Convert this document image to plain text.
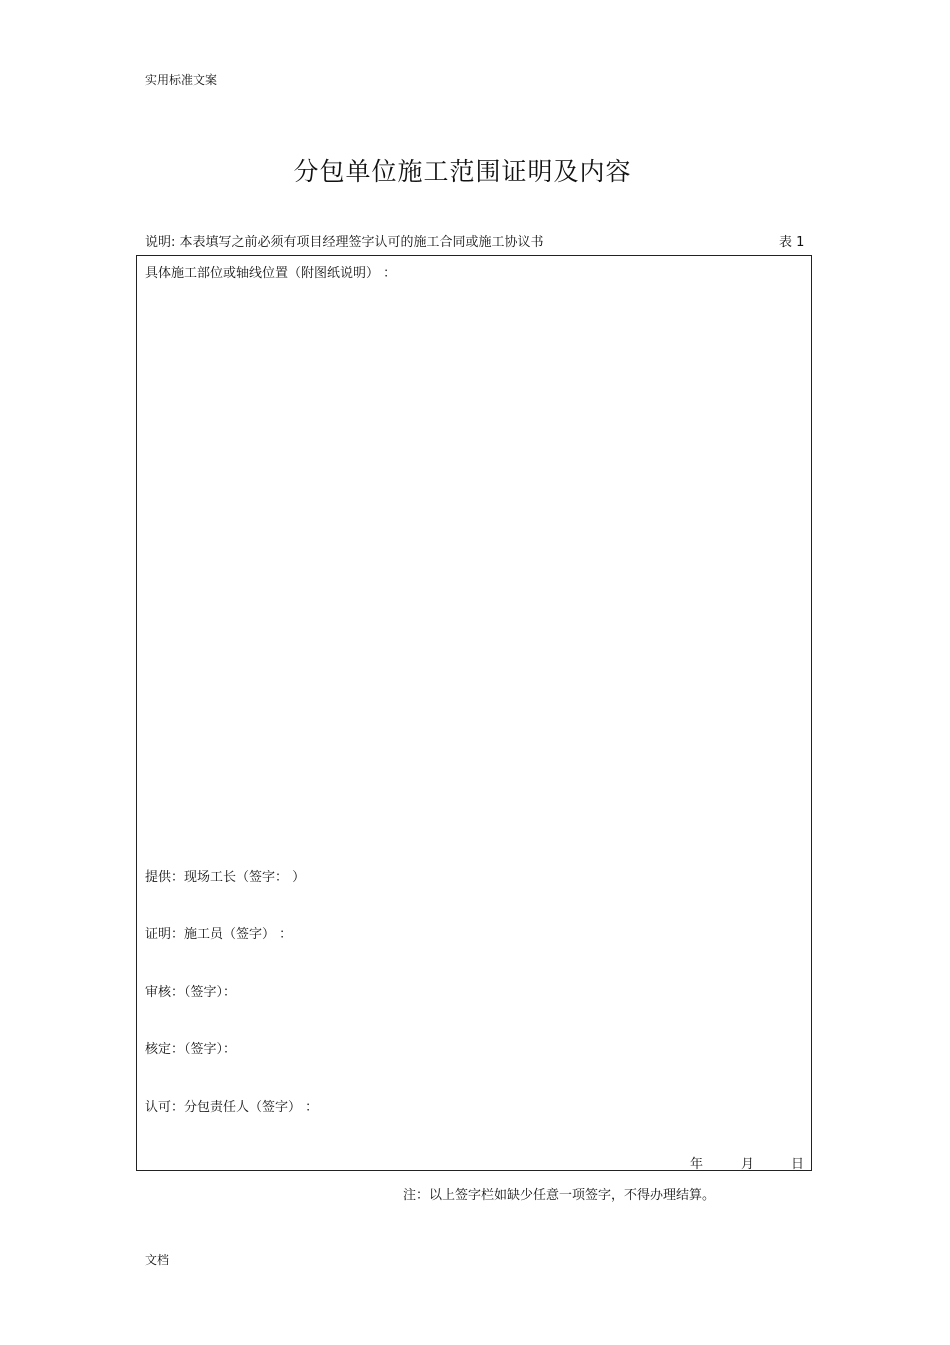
实用标准文案
分包单位施工范围证明及内容
说明: 本表填写之前必须有项目经理签字认可的施工合同或施工协议书	表 1
具体施工部位或轴线位置（附图纸说明） ：
提供：现场工长（签字： ）
证明：施工员（签字） ：
审核：（签字）：
核定：（签字）：
认可：分包责任人（签字） ：
年	月	日
注：以上签字栏如缺少任意一项签字，不得办理结算。
文档
